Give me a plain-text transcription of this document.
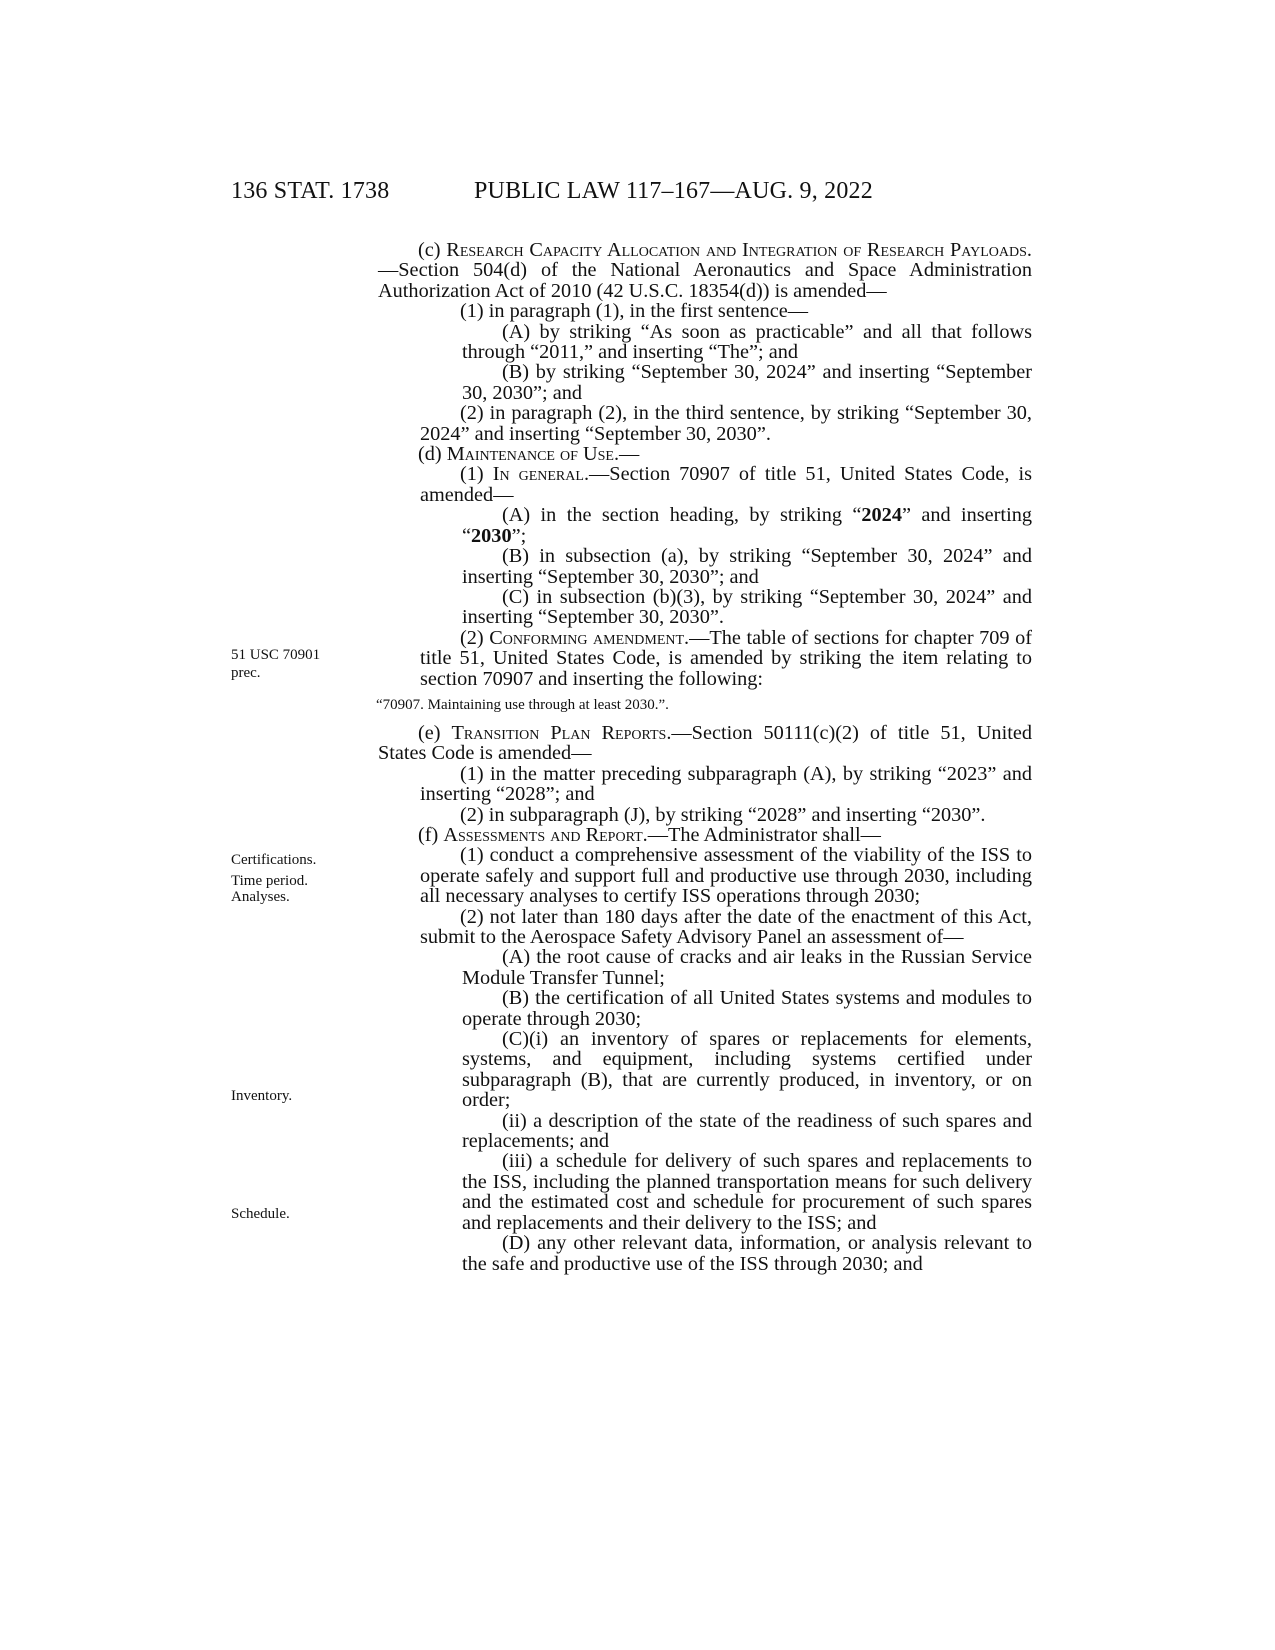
136 STAT. 1738	PUBLIC LAW 117–167—AUG. 9, 2022
51 USC 70901
prec.
Certifications.
Time period.
Analyses.
Inventory.
Schedule.

(c) Research Capacity Allocation and Integration of Research Payloads.—Section 504(d) of the National Aeronautics and Space Administration Authorization Act of 2010 (42 U.S.C. 18354(d)) is amended—

(1) in paragraph (1), in the first sentence—

(A) by striking “As soon as practicable” and all that follows through “2011,” and inserting “The”; and

(B) by striking “September 30, 2024” and inserting “September 30, 2030”; and

(2) in paragraph (2), in the third sentence, by striking “September 30, 2024” and inserting “September 30, 2030”.

(d) Maintenance of Use.—

(1) In general.—Section 70907 of title 51, United States Code, is amended—

(A) in the section heading, by striking “2024” and inserting “2030”;

(B) in subsection (a), by striking “September 30, 2024” and inserting “September 30, 2030”; and

(C) in subsection (b)(3), by striking “September 30, 2024” and inserting “September 30, 2030”.

(2) Conforming amendment.—The table of sections for chapter 709 of title 51, United States Code, is amended by striking the item relating to section 70907 and inserting the following:

“70907. Maintaining use through at least 2030.”.

(e) Transition Plan Reports.—Section 50111(c)(2) of title 51, United States Code is amended—

(1) in the matter preceding subparagraph (A), by striking “2023” and inserting “2028”; and

(2) in subparagraph (J), by striking “2028” and inserting “2030”.

(f) Assessments and Report.—The Administrator shall—

(1) conduct a comprehensive assessment of the viability of the ISS to operate safely and support full and productive use through 2030, including all necessary analyses to certify ISS operations through 2030;

(2) not later than 180 days after the date of the enactment of this Act, submit to the Aerospace Safety Advisory Panel an assessment of—

(A) the root cause of cracks and air leaks in the Russian Service Module Transfer Tunnel;

(B) the certification of all United States systems and modules to operate through 2030;

(C)(i) an inventory of spares or replacements for elements, systems, and equipment, including systems certified under subparagraph (B), that are currently produced, in inventory, or on order;

(ii) a description of the state of the readiness of such spares and replacements; and

(iii) a schedule for delivery of such spares and replacements to the ISS, including the planned transportation means for such delivery and the estimated cost and schedule for procurement of such spares and replacements and their delivery to the ISS; and

(D) any other relevant data, information, or analysis relevant to the safe and productive use of the ISS through 2030; and
